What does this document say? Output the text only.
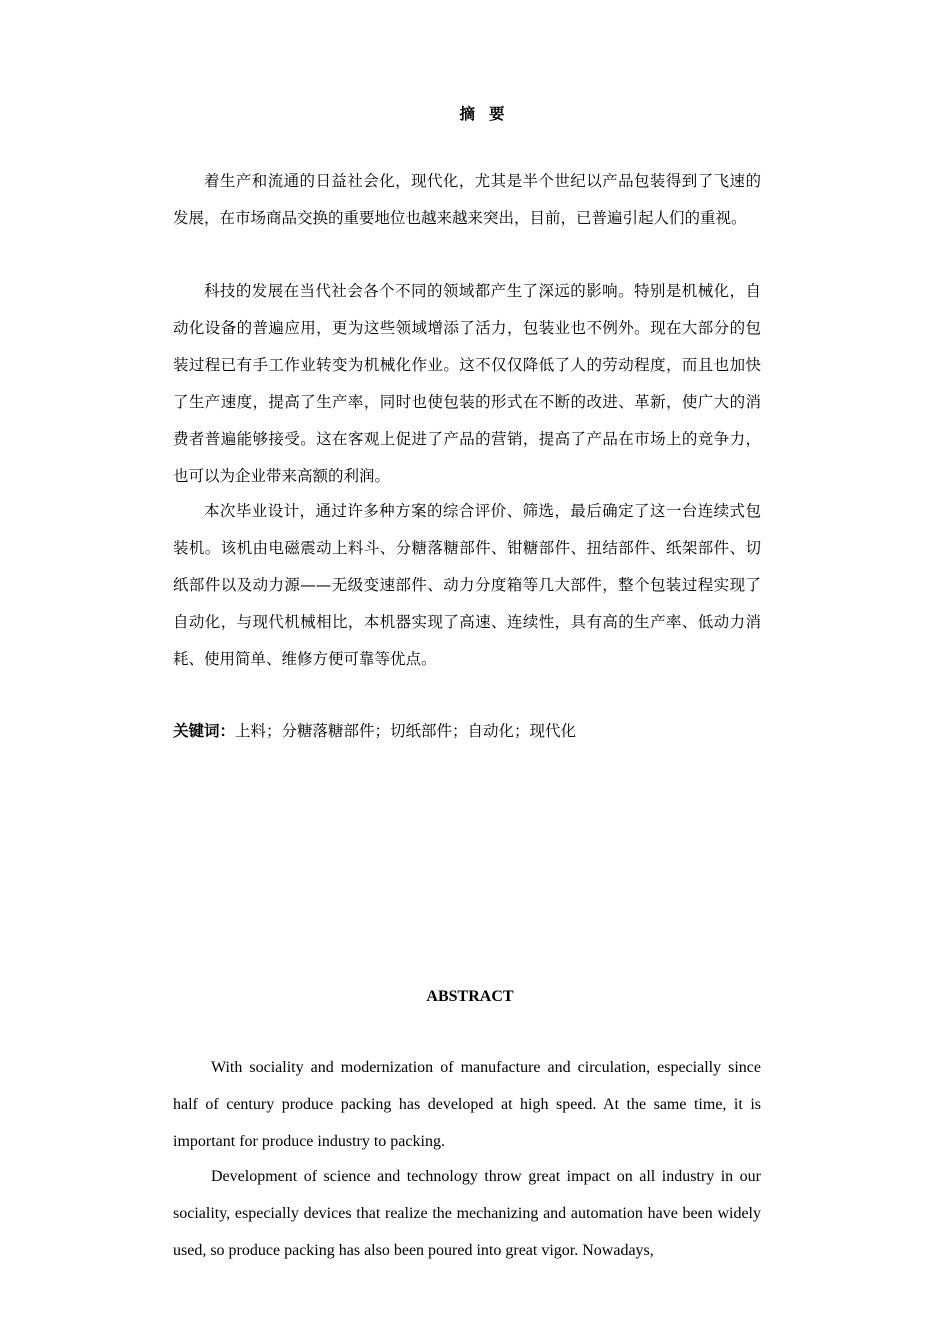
摘要

着生产和流通的日益社会化，现代化，尤其是半个世纪以产品包装得到了飞速的发展，在市场商品交换的重要地位也越来越来突出，目前，已普遍引起人们的重视。

科技的发展在当代社会各个不同的领域都产生了深远的影响。特别是机械化，自动化设备的普遍应用，更为这些领域增添了活力，包装业也不例外。现在大部分的包装过程已有手工作业转变为机械化作业。这不仅仅降低了人的劳动程度，而且也加快了生产速度，提高了生产率，同时也使包装的形式在不断的改进、革新，使广大的消费者普遍能够接受。这在客观上促进了产品的营销，提高了产品在市场上的竞争力，也可以为企业带来高额的利润。

本次毕业设计，通过许多种方案的综合评价、筛选，最后确定了这一台连续式包装机。该机由电磁震动上料斗、分糖落糖部件、钳糖部件、扭结部件、纸架部件、切纸部件以及动力源——无级变速部件、动力分度箱等几大部件，整个包装过程实现了自动化，与现代机械相比，本机器实现了高速、连续性，具有高的生产率、低动力消耗、使用简单、维修方便可靠等优点。

关键词：上料；分糖落糖部件；切纸部件；自动化；现代化
ABSTRACT

With sociality and modernization of manufacture and circulation, especially since half of century produce packing has developed at high speed. At the same time, it is important for produce industry to packing.

Development of science and technology throw great impact on all industry in our sociality, especially devices that realize the mechanizing and automation have been widely used, so produce packing has also been poured into great vigor. Nowadays,
